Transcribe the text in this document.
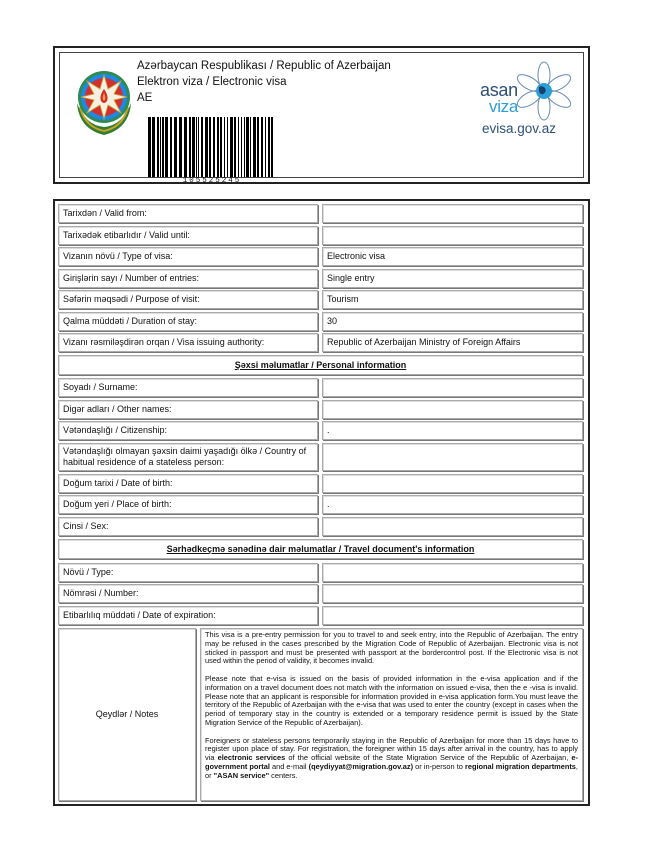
Azərbaycan Respublikası / Republic of Azerbaijan
Elektron viza / Electronic visa
AE
105525245
asan
viza
evisa.gov.az
Tarixdən / Valid from:
Tarixədək etibarlıdır / Valid until:
Vizanın növü / Type of visa:	Electronic visa
Girişlərin sayı / Number of entries:	Single entry
Səfərin məqsədi / Purpose of visit:	Tourism
Qalma müddəti / Duration of stay:	30
Vizanı rəsmiləşdirən orqan / Visa issuing authority:	Republic of Azerbaijan Ministry of Foreign Affairs
Şəxsi məlumatlar / Personal information
Soyadı / Surname:
Digər adları / Other names:
Vətəndaşlığı / Citizenship:	.
Vətəndaşlığı olmayan şəxsin daimi yaşadığı ölkə / Country of habitual residence of a stateless person:
Doğum tarixi / Date of birth:
Doğum yeri / Place of birth:	.
Cinsi / Sex:
Sərhədkeçmə sənədinə dair məlumatlar / Travel document's information
Növü / Type:
Nömrəsi / Number:
Etibarlılıq müddəti / Date of expiration:
Qeydlər / Notes

This visa is a pre-entry permission for you to travel to and seek entry, into the Republic of Azerbaijan. The entry may be refused in the cases prescribed by the Migration Code of Republic of Azerbaijan. Electronic visa is not sticked in passport and must be presented with passport at the bordercontrol post. If the Electronic visa is not used within the period of validity, it becomes invalid.

Please note that e-visa is issued on the basis of provided information in the e-visa application and if the information on a travel document does not match with the information on issued e-visa, then the e -visa is invalid. Please note that an applicant is responsible for information provided in e-visa application form.You must leave the territory of the Republic of Azerbaijan with the e-visa that was used to enter the country (except in cases when the period of temporary stay in the country is extended or a temporary residence permit is issued by the State Migration Service of the Republic of Azerbaijan).

Foreigners or stateless persons temporarily staying in the Republic of Azerbaijan for more than 15 days have to register upon place of stay. For registration, the foreigner within 15 days after arrival in the country, has to apply via electronic services of the official website of the State Migration Service of the Republic of Azerbaijan, e-government portal and e-mail (qeydiyyat@migration.gov.az) or in-person to regional migration departments, or "ASAN service" centers.
